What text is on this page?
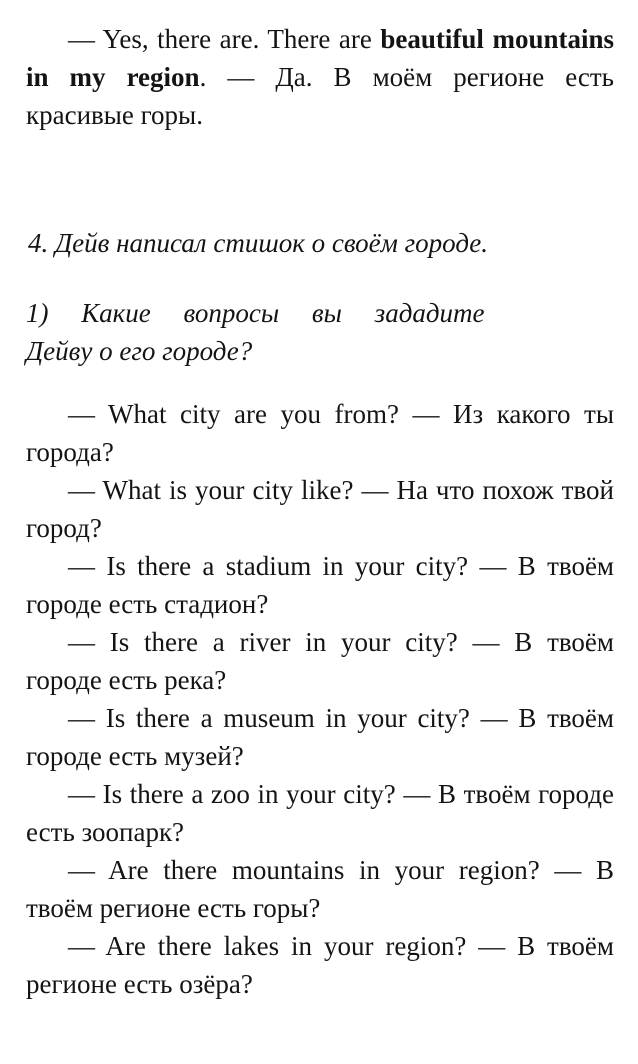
— Yes, there are. There are beautiful mountains in my region. — Да. В моём регионе есть красивые горы.

4. Дейв написал стишок о своём городе.

1) Какие вопросы вы зададите
Дейву о его городе?

— What city are you from? — Из какого ты города?

— What is your city like? — На что похож твой город?

— Is there a stadium in your city? — В твоём городе есть стадион?

— Is there a river in your city? — В твоём городе есть река?

— Is there a museum in your city? — В твоём городе есть музей?

— Is there a zoo in your city? — В твоём городе есть зоопарк?

— Are there mountains in your region? — В твоём регионе есть горы?

— Are there lakes in your region? — В твоём регионе есть озёра?
